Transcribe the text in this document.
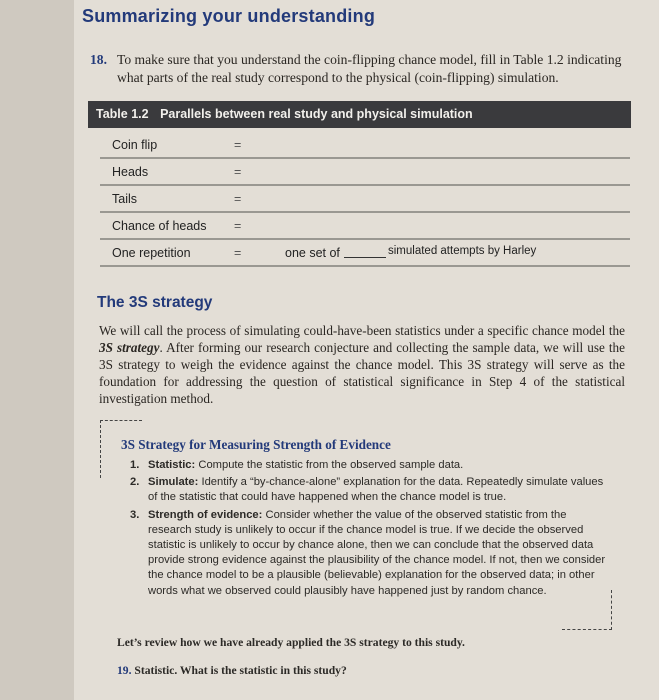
Summarizing your understanding
18. To make sure that you understand the coin-flipping chance model, fill in Table 1.2 indicating what parts of the real study correspond to the physical (coin-flipping) simulation.
Table 1.2 Parallels between real study and physical simulation
Coin flip	=
Heads	=
Tails	=
Chance of heads =
One repetition	=	one set of	simulated attempts by Harley
The 3S strategy
We will call the process of simulating could-have-been statistics under a specific chance model the 3S strategy. After forming our research conjecture and collecting the sample data, we will use the 3S strategy to weigh the evidence against the chance model. This 3S strategy will serve as the foundation for addressing the question of statistical significance in Step 4 of the statistical investigation method.
3S Strategy for Measuring Strength of Evidence
1. Statistic: Compute the statistic from the observed sample data.
2. Simulate: Identify a “by-chance-alone” explanation for the data. Repeatedly simulate values of the statistic that could have happened when the chance model is true.
3. Strength of evidence: Consider whether the value of the observed statistic from the research study is unlikely to occur if the chance model is true. If we decide the observed statistic is unlikely to occur by chance alone, then we can conclude that the observed data provide strong evidence against the plausibility of the chance model. If not, then we consider the chance model to be a plausible (believable) explanation for the observed data; in other words what we observed could plausibly have happened just by random chance.
Let’s review how we have already applied the 3S strategy to this study.
19. Statistic. What is the statistic in this study?
